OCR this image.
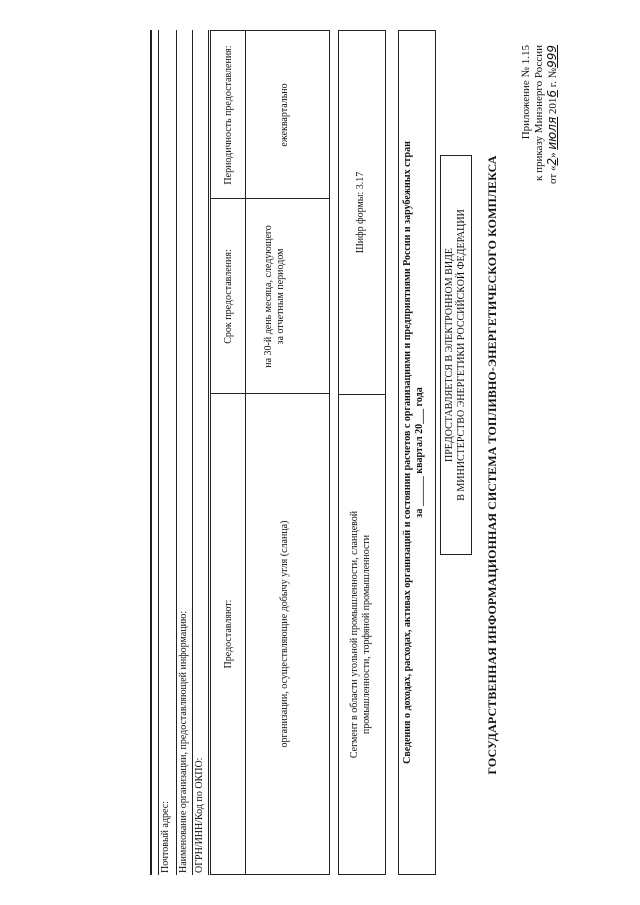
Приложение № 1.15 к приказу Минэнерго России от «2» июля 2016 г. №999
ГОСУДАРСТВЕННАЯ ИНФОРМАЦИОННАЯ СИСТЕМА ТОПЛИВНО-ЭНЕРГЕТИЧЕСКОГО КОМПЛЕКСА
ПРЕДОСТАВЛЯЕТСЯ В ЭЛЕКТРОННОМ ВИДЕ В МИНИСТЕРСТВО ЭНЕРГЕТИКИ РОССИЙСКОЙ ФЕДЕРАЦИИ
Сведения о доходах, расходах, активах организаций и состоянии расчетов с организациями и предприятиями России и зарубежных стран за ______ квартал 20___ года
Сегмент в области угольной промышленности, сланцевой промышленности, торфяной промышленности
Шифр формы: 3.17
Предоставляют:
Срок предоставления:
Периодичность предоставления:
организации, осуществляющие добычу угля (сланца)
на 30-й день месяца, следующего за отчетным периодом
ежеквартально
Наименование организации, предоставляющей информацию: ОГРН/ИНН/Код по ОКПО:
Почтовый адрес:
